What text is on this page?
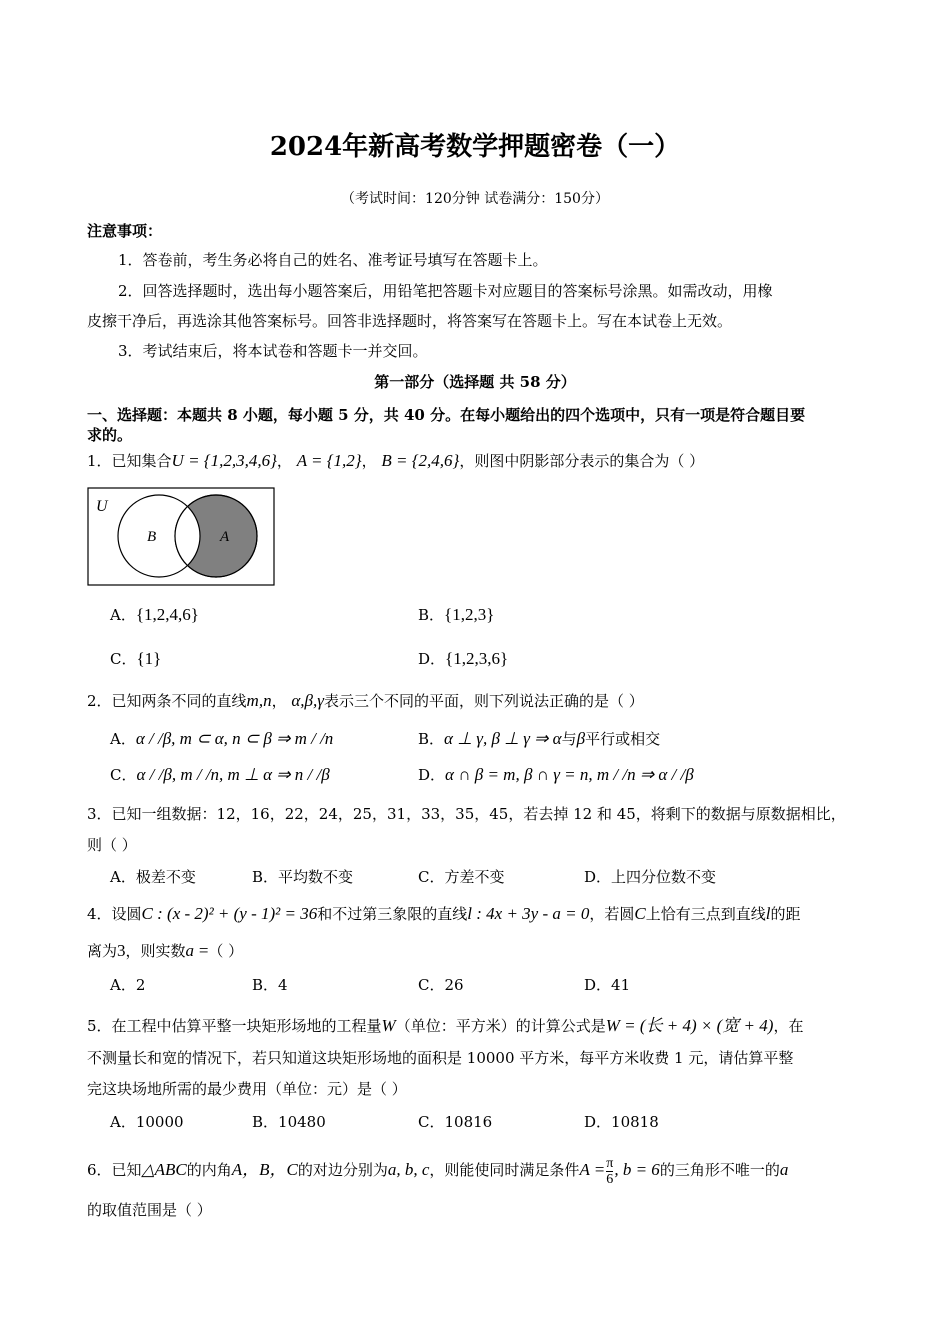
2024年新高考数学押题密卷（一）
（考试时间：120分钟 试卷满分：150分）
注意事项：
1．答卷前，考生务必将自己的姓名、准考证号填写在答题卡上。
2．回答选择题时，选出每小题答案后，用铅笔把答题卡对应题目的答案标号涂黑。如需改动，用橡
皮擦干净后，再选涂其他答案标号。回答非选择题时，将答案写在答题卡上。写在本试卷上无效。
3．考试结束后，将本试卷和答题卡一并交回。
第一部分（选择题 共 58 分）
一、选择题：本题共 8 小题，每小题 5 分，共 40 分。在每小题给出的四个选项中，只有一项是符合题目要
求的。
1．已知集合U = {1,2,3,4,6}， A = {1,2}， B = {2,4,6}，则图中阴影部分表示的集合为（ ）
U
B	A
A．{1,2,4,6}	B．{1,2,3}
C．{1}	D．{1,2,3,6}
2．已知两条不同的直线m,n， α,β,γ表示三个不同的平面，则下列说法正确的是（ ）
A．α / /β, m ⊂ α, n ⊂ β ⇒ m / /n	B．α ⊥ γ, β ⊥ γ ⇒ α与β平行或相交
C．α / /β, m / /n, m ⊥ α ⇒ n / /β	D．α ∩ β = m, β ∩ γ = n, m / /n ⇒ α / /β
3．已知一组数据：12，16，22，24，25，31，33，35，45，若去掉 12 和 45，将剩下的数据与原数据相比，
则（ ）
A．极差不变	B．平均数不变	C．方差不变	D．上四分位数不变
4．设圆C : (x - 2)² + (y - 1)² = 36和不过第三象限的直线l : 4x + 3y - a = 0，若圆C上恰有三点到直线l的距
离为3，则实数a =（ ）
A．2	B．4	C．26	D．41
5．在工程中估算平整一块矩形场地的工程量W（单位：平方米）的计算公式是W = (长 + 4) × (宽 + 4)，在
不测量长和宽的情况下，若只知道这块矩形场地的面积是 10000 平方米，每平方米收费 1 元，请估算平整
完这块场地所需的最少费用（单位：元）是（ ）
A．10000	B．10480	C．10816	D．10818
6．已知△ABC的内角A，B，C的对边分别为a, b, c，则能使同时满足条件$A = \frac{\pi}{6}$ , b = 6的三角形不唯一的a
的取值范围是（ ）
